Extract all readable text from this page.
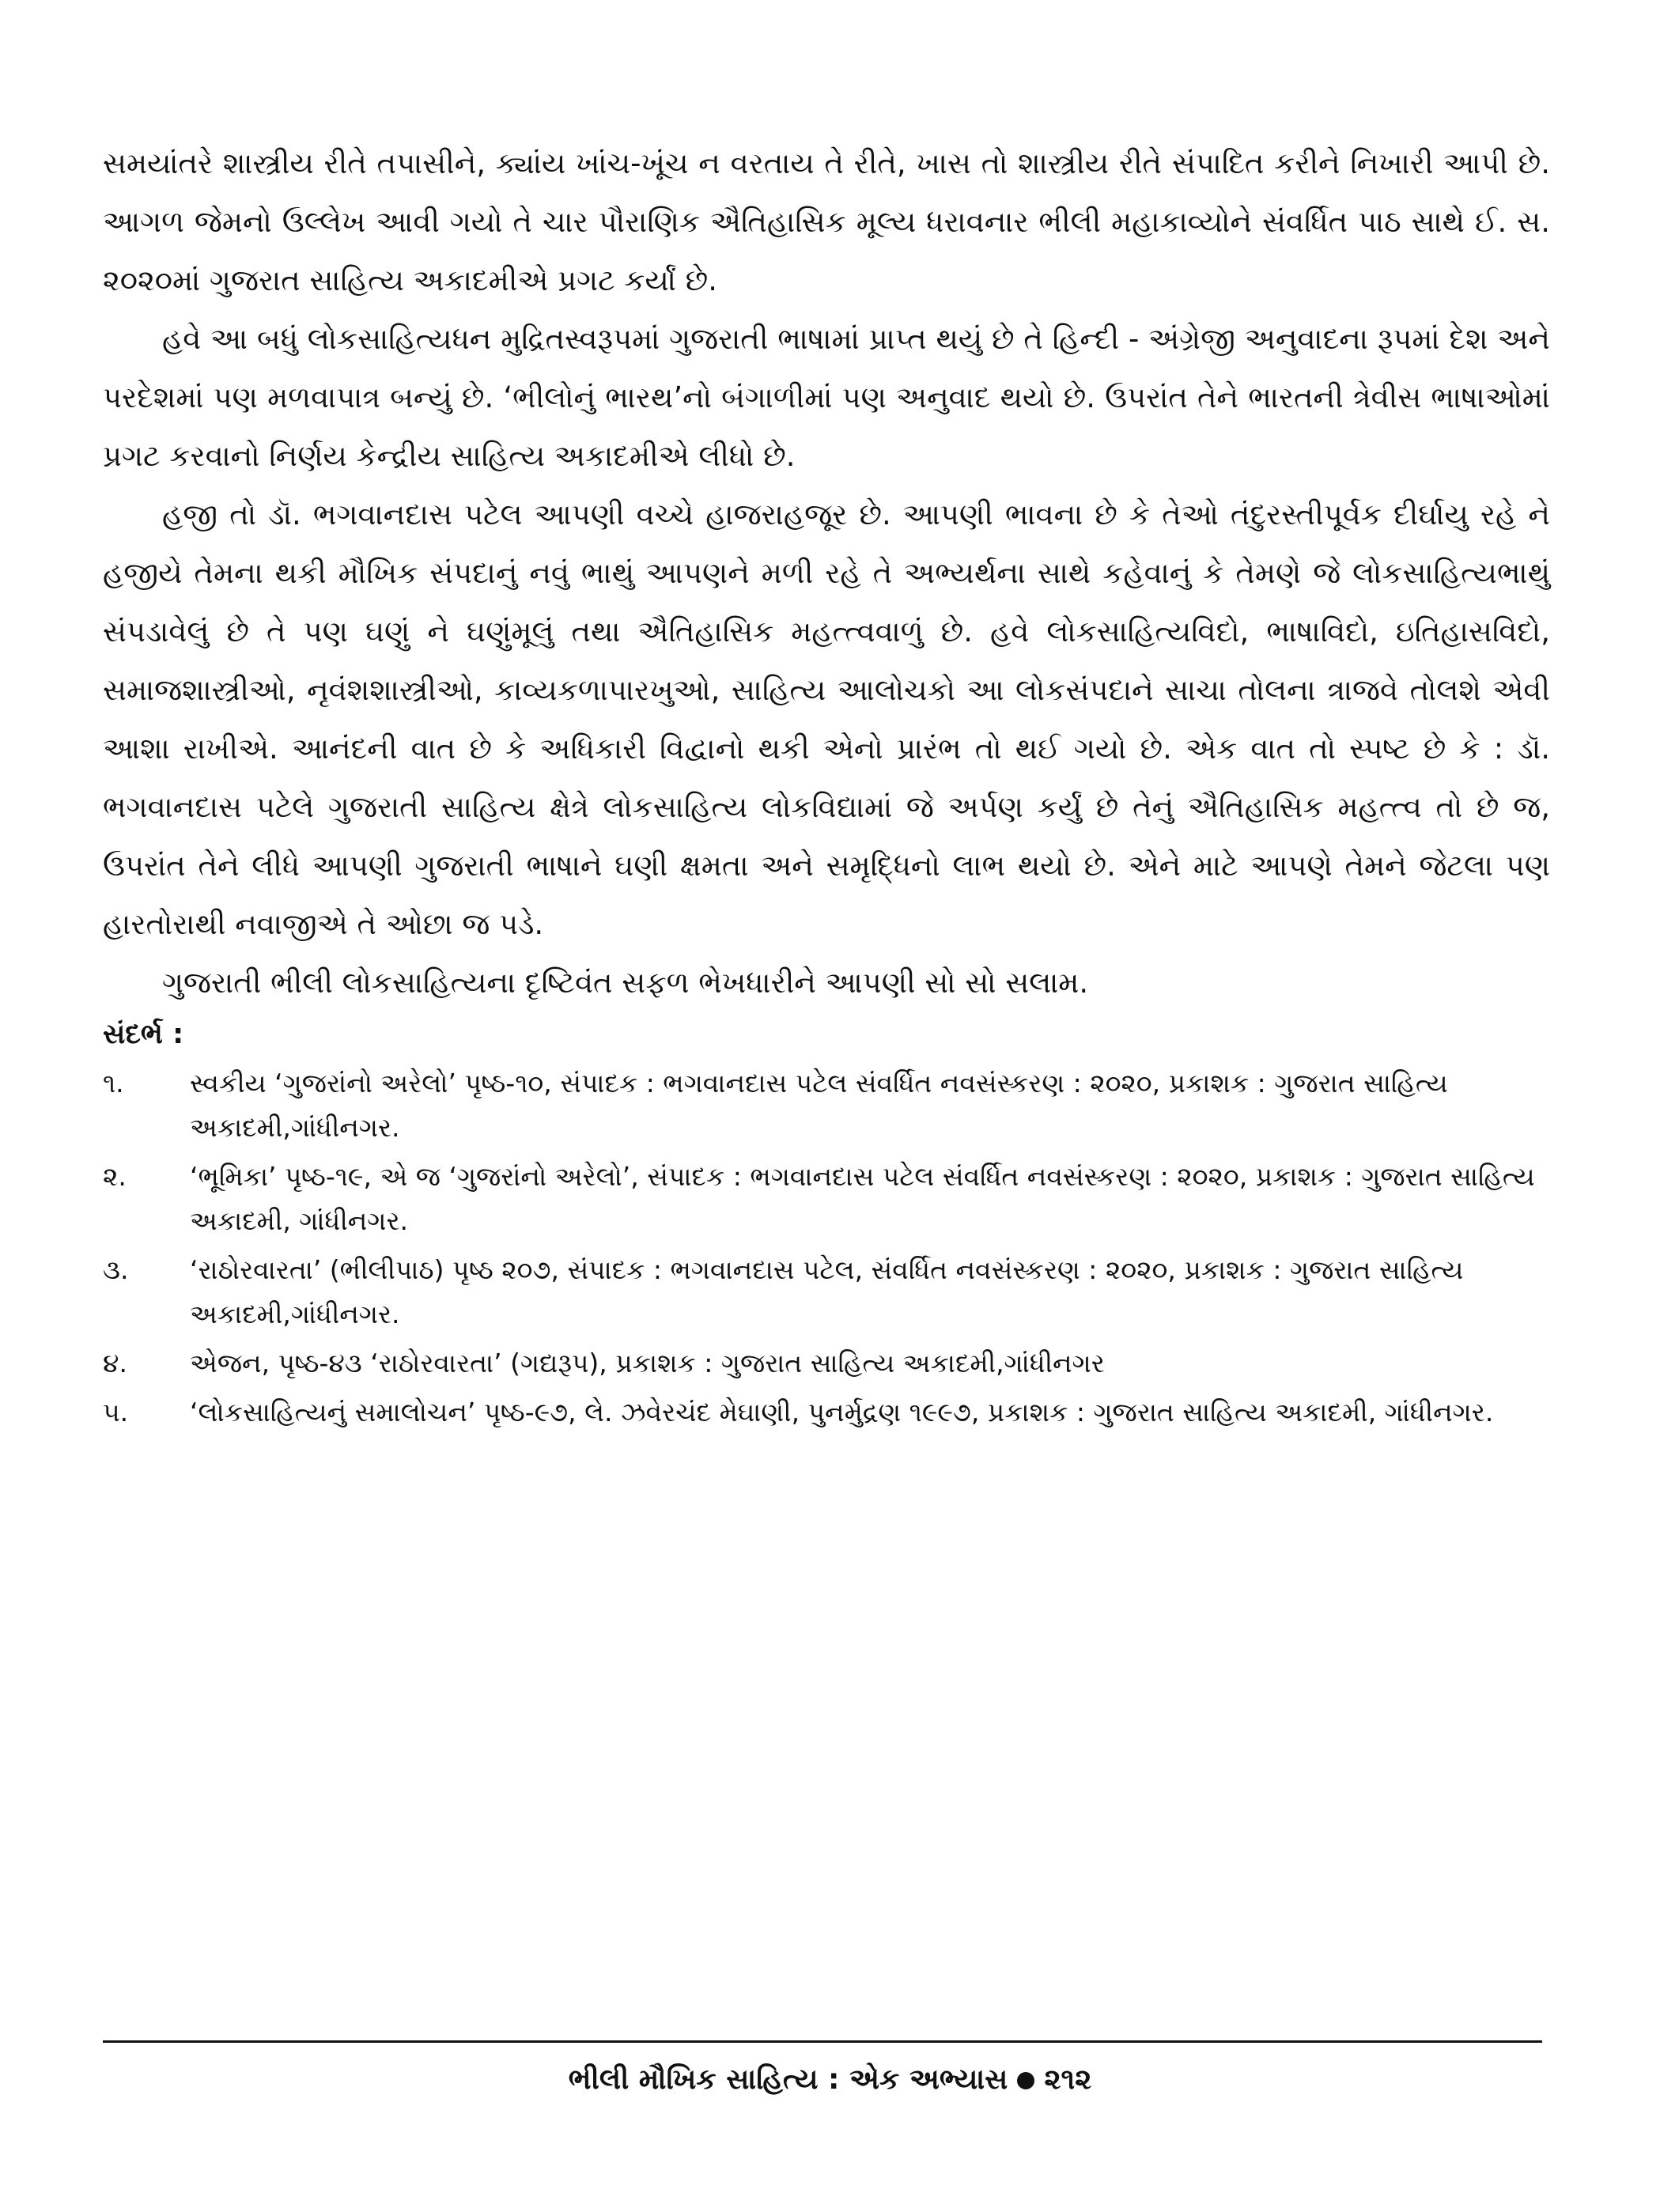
સમયાંતરે શાસ્ત્રીય રીતે તપાસીને, ક્યાંય ખાંચ-ખૂંચ ન વરતાય તે રીતે, ખાસ તો શાસ્ત્રીય રીતે સંપાદિત કરીને નિખારી આપી છે. આગળ જેમનો ઉલ્લેખ આવી ગયો તે ચાર પૌરાણિક ઐતિહાસિક મૂલ્ય ધરાવનાર ભીલી મહાકાવ્યોને સંવર્ધિત પાઠ સાથે ઈ. સ. ૨૦૨૦માં ગુજરાત સાહિત્ય અકાદમીએ પ્રગટ કર્યાં છે.

હવે આ બધું લોકસાહિત્યધન મુદ્રિતસ્વરૂપમાં ગુજરાતી ભાષામાં પ્રાપ્ત થયું છે તે હિન્દી - અંગ્રેજી અનુવાદના રૂપમાં દેશ અને પરદેશમાં પણ મળવાપાત્ર બન્યું છે. ‘ભીલોનું ભારથ’નો બંગાળીમાં પણ અનુવાદ થયો છે. ઉપરાંત તેને ભારતની ત્રેવીસ ભાષાઓમાં પ્રગટ કરવાનો નિર્ણય કેન્દ્રીય સાહિત્ય અકાદમીએ લીધો છે.

હજી તો ડૉ. ભગવાનદાસ પટેલ આપણી વચ્ચે હાજરાહજૂર છે. આપણી ભાવના છે કે તેઓ તંદુરસ્તીપૂર્વક દીર્ઘાયુ રહે ને હજીયે તેમના થકી મૌખિક સંપદાનું નવું ભાથું આપણને મળી રહે તે અભ્યર્થના સાથે કહેવાનું કે તેમણે જે લોકસાહિત્યભાથું સંપડાવેલું છે તે પણ ઘણું ને ઘણુંમૂલું તથા ઐતિહાસિક મહત્ત્વવાળું છે. હવે લોકસાહિત્યવિદો, ભાષાવિદો, ઇતિહાસવિદો, સમાજશાસ્ત્રીઓ, નૃવંશશાસ્ત્રીઓ, કાવ્યકળાપારખુઓ, સાહિત્ય આલોચકો આ લોકસંપદાને સાચા તોલના ત્રાજવે તોલશે એવી આશા રાખીએ. આનંદની વાત છે કે અધિકારી વિદ્વાનો થકી એનો પ્રારંભ તો થઈ ગયો છે. એક વાત તો સ્પષ્ટ છે કે : ડૉ. ભગવાનદાસ પટેલે ગુજરાતી સાહિત્ય ક્ષેત્રે લોકસાહિત્ય લોકવિદ્યામાં જે અર્પણ કર્યું છે તેનું ઐતિહાસિક મહત્ત્વ તો છે જ, ઉપરાંત તેને લીધે આપણી ગુજરાતી ભાષાને ઘણી ક્ષમતા અને સમૃદ્ધિનો લાભ થયો છે. એને માટે આપણે તેમને જેટલા પણ હારતોરાથી નવાજીએ તે ઓછા જ પડે.

ગુજરાતી ભીલી લોકસાહિત્યના દૃષ્ટિવંત સફળ ભેખધારીને આપણી સો સો સલામ.

સંદર્ભ :
૧.	સ્વકીય ‘ગુજરાંનો અરેલો’ પૃષ્ઠ-૧૦, સંપાદક : ભગવાનદાસ પટેલ સંવર્ધિત નવસંસ્કરણ : ૨૦૨૦, પ્રકાશક : ગુજરાત સાહિત્ય અકાદમી,ગાંધીનગર.
૨.	‘ભૂમિકા’ પૃષ્ઠ-૧૯, એ જ ‘ગુજરાંનો અરેલો’, સંપાદક : ભગવાનદાસ પટેલ સંવર્ધિત નવસંસ્કરણ : ૨૦૨૦, પ્રકાશક : ગુજરાત સાહિત્ય અકાદમી, ગાંધીનગર.
૩.	‘રાઠોરવારતા’ (ભીલીપાઠ) પૃષ્ઠ ૨૦૭, સંપાદક : ભગવાનદાસ પટેલ, સંવર્ધિત નવસંસ્કરણ : ૨૦૨૦, પ્રકાશક : ગુજરાત સાહિત્ય અકાદમી,ગાંધીનગર.
૪.	એજન, પૃષ્ઠ-૪૩ ‘રાઠોરવારતા’ (ગદ્યરૂપ), પ્રકાશક : ગુજરાત સાહિત્ય અકાદમી,ગાંધીનગર
૫.	‘લોકસાહિત્યનું સમાલોચન’ પૃષ્ઠ-૯૭, લે. ઝવેરચંદ મેઘાણી, પુનર્મુદ્રણ ૧૯૯૭, પ્રકાશક : ગુજરાત સાહિત્ય અકાદમી, ગાંધીનગર.
ભીલી મૌખિક સાહિત્ય : એક અભ્યાસ ૨૧૨
